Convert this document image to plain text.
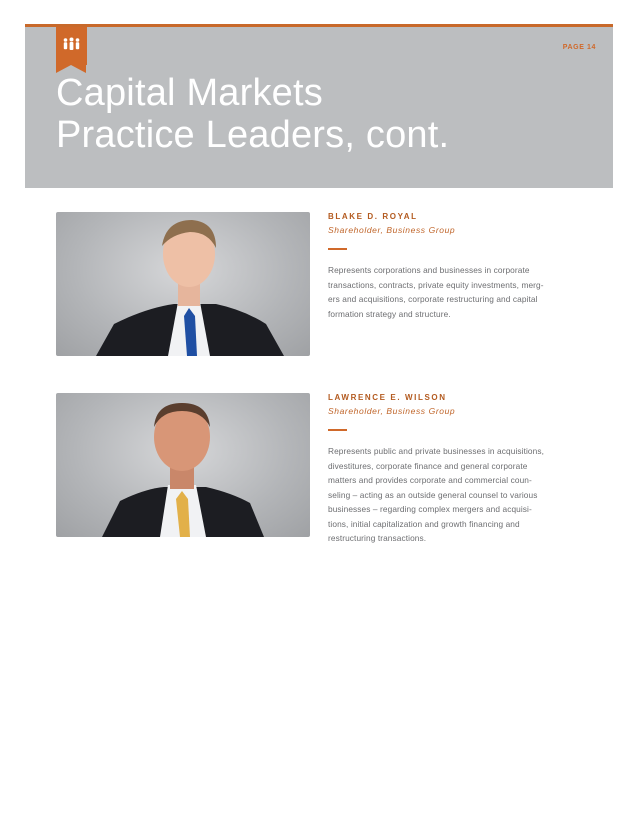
PAGE 14
Capital Markets
Practice Leaders, cont.

BLAKE D. ROYAL

Shareholder, Business Group

Represents corporations and businesses in corporate
transactions, contracts, private equity investments, merg-
ers and acquisitions, corporate restructuring and capital
formation strategy and structure.

LAWRENCE E. WILSON

Shareholder, Business Group

Represents public and private businesses in acquisitions,
divestitures, corporate finance and general corporate
matters and provides corporate and commercial coun-
seling – acting as an outside general counsel to various
businesses – regarding complex mergers and acquisi-
tions, initial capitalization and growth financing and
restructuring transactions.
